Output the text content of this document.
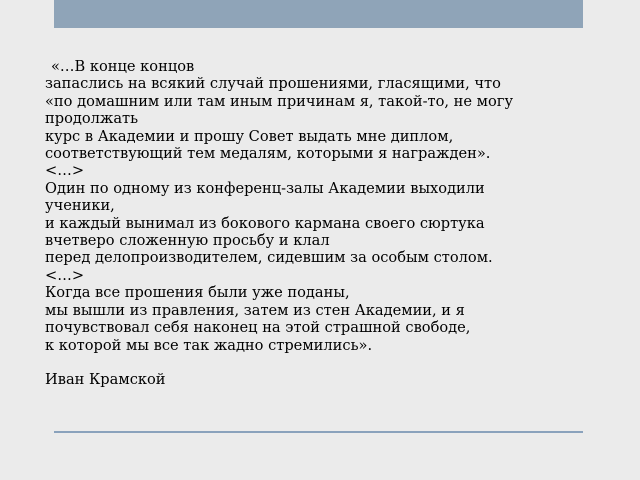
«…В конце концов
запаслись на всякий случай прошениями, гласящими, что
«по домашним или там иным причинам я, такой-то, не могу
продолжать
курс в Академии и прошу Совет выдать мне диплом,
соответствующий тем медалям, которыми я награжден».
<…>
Один по одному из конференц-залы Академии выходили
ученики,
и каждый вынимал из бокового кармана своего сюртука
вчетверо сложенную просьбу и клал
перед делопроизводителем, сидевшим за особым столом.
<…>
Когда все прошения были уже поданы,
мы вышли из правления, затем из стен Академии, и я
почувствовал себя наконец на этой страшной свободе,
к которой мы все так жадно стремились».
Иван Крамской
